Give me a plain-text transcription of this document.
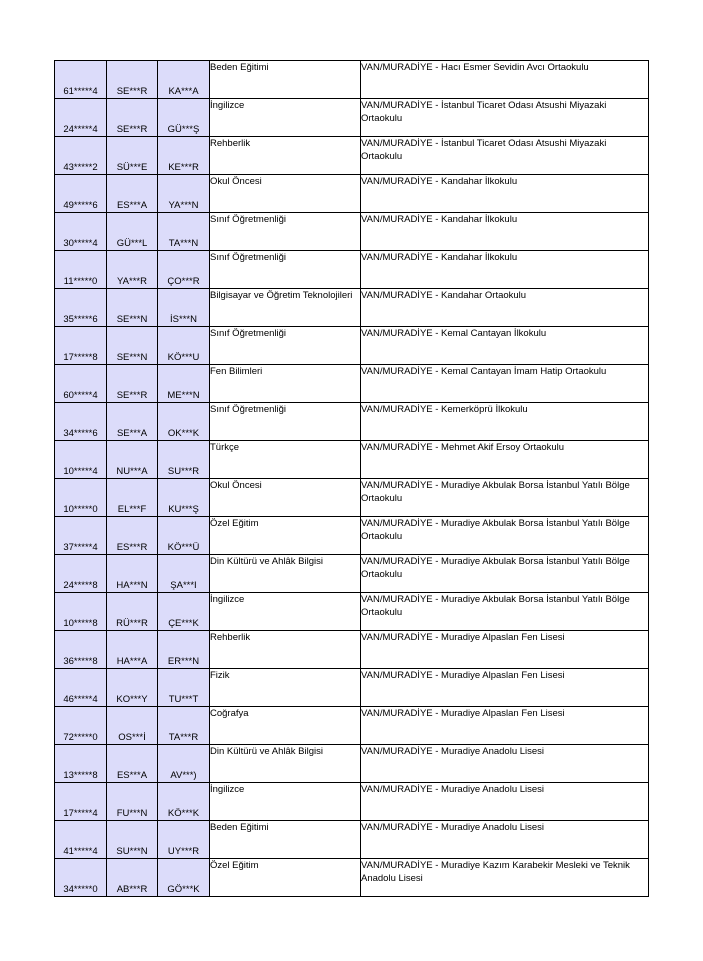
61*****4	SE***R	KA***A	Beden Eğitimi	VAN/MURADİYE - Hacı Esmer Sevidin Avcı Ortaokulu
24*****4	SE***R	GÜ***Ş	İngilizce	VAN/MURADİYE - İstanbul Ticaret Odası Atsushi Miyazaki Ortaokulu
43*****2	SÜ***E	KE***R	Rehberlik	VAN/MURADİYE - İstanbul Ticaret Odası Atsushi Miyazaki Ortaokulu
49*****6	ES***A	YA***N	Okul Öncesi	VAN/MURADİYE - Kandahar İlkokulu
30*****4	GÜ***L	TA***N	Sınıf Öğretmenliği	VAN/MURADİYE - Kandahar İlkokulu
11*****0	YA***R	ÇO***R	Sınıf Öğretmenliği	VAN/MURADİYE - Kandahar İlkokulu
35*****6	SE***N	İS***N	Bilgisayar ve Öğretim Teknolojileri	VAN/MURADİYE - Kandahar Ortaokulu
17*****8	SE***N	KÖ***U	Sınıf Öğretmenliği	VAN/MURADİYE - Kemal Cantayan İlkokulu
60*****4	SE***R	ME***N	Fen Bilimleri	VAN/MURADİYE - Kemal Cantayan İmam Hatip Ortaokulu
34*****6	SE***A	OK***K	Sınıf Öğretmenliği	VAN/MURADİYE - Kemerköprü İlkokulu
10*****4	NU***A	SU***R	Türkçe	VAN/MURADİYE - Mehmet Akif Ersoy Ortaokulu
10*****0	EL***F	KU***Ş	Okul Öncesi	VAN/MURADİYE - Muradiye Akbulak Borsa İstanbul Yatılı Bölge Ortaokulu
37*****4	ES***R	KÖ***Ü	Özel Eğitim	VAN/MURADİYE - Muradiye Akbulak Borsa İstanbul Yatılı Bölge Ortaokulu
24*****8	HA***N	ŞA***I	Din Kültürü ve Ahlâk Bilgisi	VAN/MURADİYE - Muradiye Akbulak Borsa İstanbul Yatılı Bölge Ortaokulu
10*****8	RÜ***R	ÇE***K	İngilizce	VAN/MURADİYE - Muradiye Akbulak Borsa İstanbul Yatılı Bölge Ortaokulu
36*****8	HA***A	ER***N	Rehberlik	VAN/MURADİYE - Muradiye Alpaslan Fen Lisesi
46*****4	KO***Y	TU***T	Fizik	VAN/MURADİYE - Muradiye Alpaslan Fen Lisesi
72*****0	OS***İ	TA***R	Coğrafya	VAN/MURADİYE - Muradiye Alpaslan Fen Lisesi
13*****8	ES***A	AV***)	Din Kültürü ve Ahlâk Bilgisi	VAN/MURADİYE - Muradiye Anadolu Lisesi
17*****4	FU***N	KÖ***K	İngilizce	VAN/MURADİYE - Muradiye Anadolu Lisesi
41*****4	SU***N	UY***R	Beden Eğitimi	VAN/MURADİYE - Muradiye Anadolu Lisesi
34*****0	AB***R	GÖ***K	Özel Eğitim	VAN/MURADİYE - Muradiye Kazım Karabekir Mesleki ve Teknik Anadolu Lisesi
